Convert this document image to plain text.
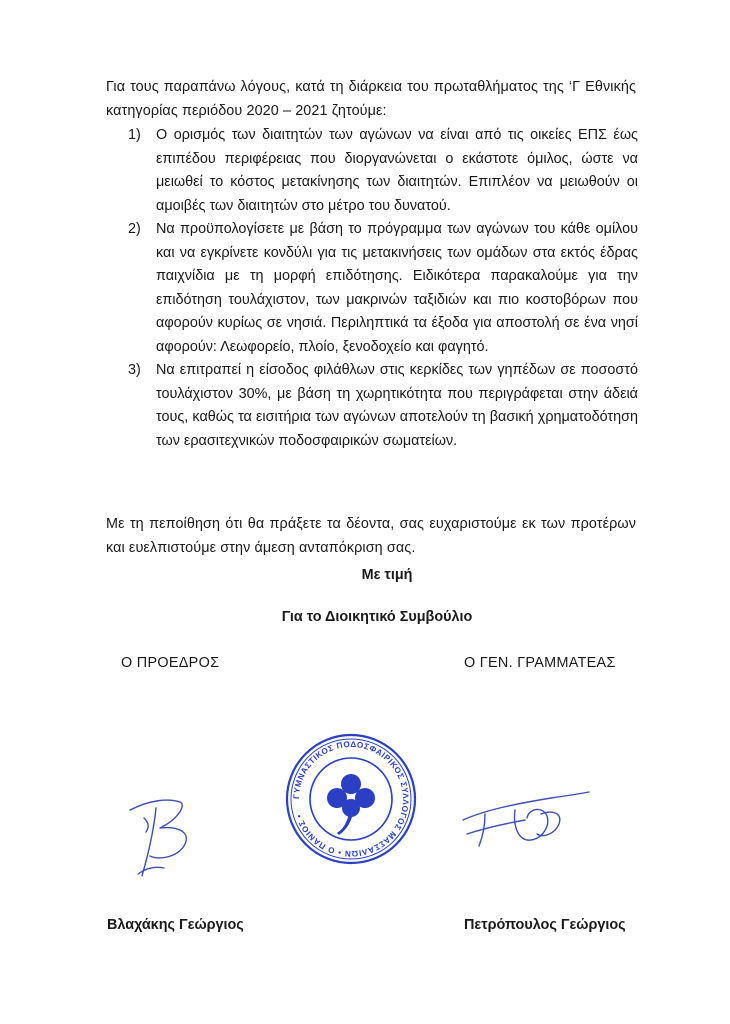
Για τους παραπάνω λόγους, κατά τη διάρκεια του πρωταθλήματος της ‘Γ Εθνικής κατηγορίας περιόδου 2020 – 2021 ζητούμε:

1) Ο ορισμός των διαιτητών των αγώνων να είναι από τις οικείες ΕΠΣ έως επιπέδου περιφέρειας που διοργανώνεται ο εκάστοτε όμιλος, ώστε να μειωθεί το κόστος μετακίνησης των διαιτητών. Επιπλέον να μειωθούν οι αμοιβές των διαιτητών στο μέτρο του δυνατού.
2) Να προϋπολογίσετε με βάση το πρόγραμμα των αγώνων του κάθε ομίλου και να εγκρίνετε κονδύλι για τις μετακινήσεις των ομάδων στα εκτός έδρας παιχνίδια με τη μορφή επιδότησης. Ειδικότερα παρακαλούμε για την επιδότηση τουλάχιστον, των μακρινών ταξιδιών και πιο κοστοβόρων που αφορούν κυρίως σε νησιά. Περιληπτικά τα έξοδα για αποστολή σε ένα νησί αφορούν: Λεωφορείο, πλοίο, ξενοδοχείο και φαγητό.
3) Να επιτραπεί η είσοδος φιλάθλων στις κερκίδες των γηπέδων σε ποσοστό τουλάχιστον 30%, με βάση τη χωρητικότητα που περιγράφεται στην άδειά τους, καθώς τα εισιτήρια των αγώνων αποτελούν τη βασική χρηματοδότηση των ερασιτεχνικών ποδοσφαιρικών σωματείων.

Με τη πεποίθηση ότι θα πράξετε τα δέοντα, σας ευχαριστούμε εκ των προτέρων και ευελπιστούμε στην άμεση ανταπόκριση σας.

Με τιμή
Για το Διοικητικό Συμβούλιο
Ο ΠΡΟΕΔΡΟΣ	Ο ΓΕΝ. ΓΡΑΜΜΑΤΕΑΣ
ΓΥΜΝΑΣΤΙΚΟΣ ΠΟΔΟΣΦΑΙΡΙΚΟΣ ΣΥΛΛΟΓΟΣ ΜΑΣΣΑΛΙΩΝ • Ο ΠΑΝΙΟΣ •
Βλαχάκης Γεώργιος	Πετρόπουλος Γεώργιος
